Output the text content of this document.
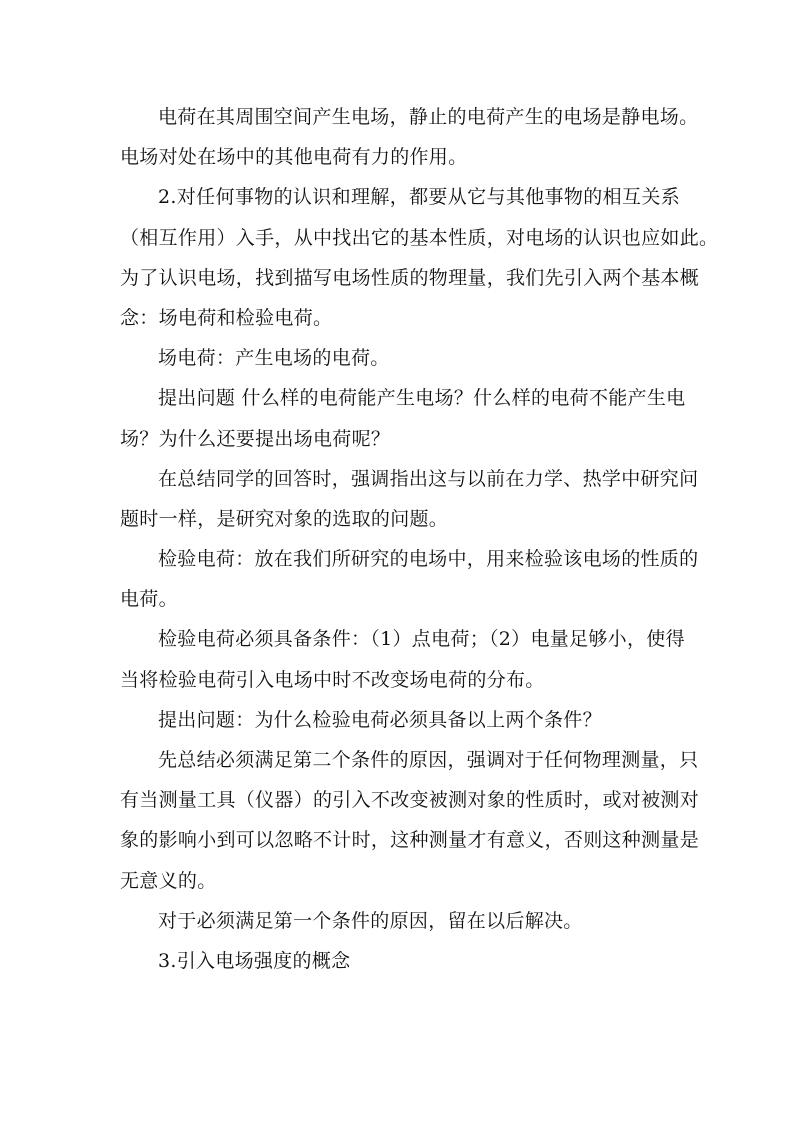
电荷在其周围空间产生电场，静止的电荷产生的电场是静电场。
电场对处在场中的其他电荷有力的作用。
2.对任何事物的认识和理解，都要从它与其他事物的相互关系
（相互作用）入手，从中找出它的基本性质，对电场的认识也应如此。
为了认识电场，找到描写电场性质的物理量，我们先引入两个基本概
念：场电荷和检验电荷。
场电荷：产生电场的电荷。
提出问题 什么样的电荷能产生电场？什么样的电荷不能产生电
场？为什么还要提出场电荷呢？
在总结同学的回答时，强调指出这与以前在力学、热学中研究问
题时一样，是研究对象的选取的问题。
检验电荷：放在我们所研究的电场中，用来检验该电场的性质的
电荷。
检验电荷必须具备条件：（1）点电荷；（2）电量足够小，使得
当将检验电荷引入电场中时不改变场电荷的分布。
提出问题：为什么检验电荷必须具备以上两个条件？
先总结必须满足第二个条件的原因，强调对于任何物理测量，只
有当测量工具（仪器）的引入不改变被测对象的性质时，或对被测对
象的影响小到可以忽略不计时，这种测量才有意义，否则这种测量是
无意义的。
对于必须满足第一个条件的原因，留在以后解决。
3.引入电场强度的概念
